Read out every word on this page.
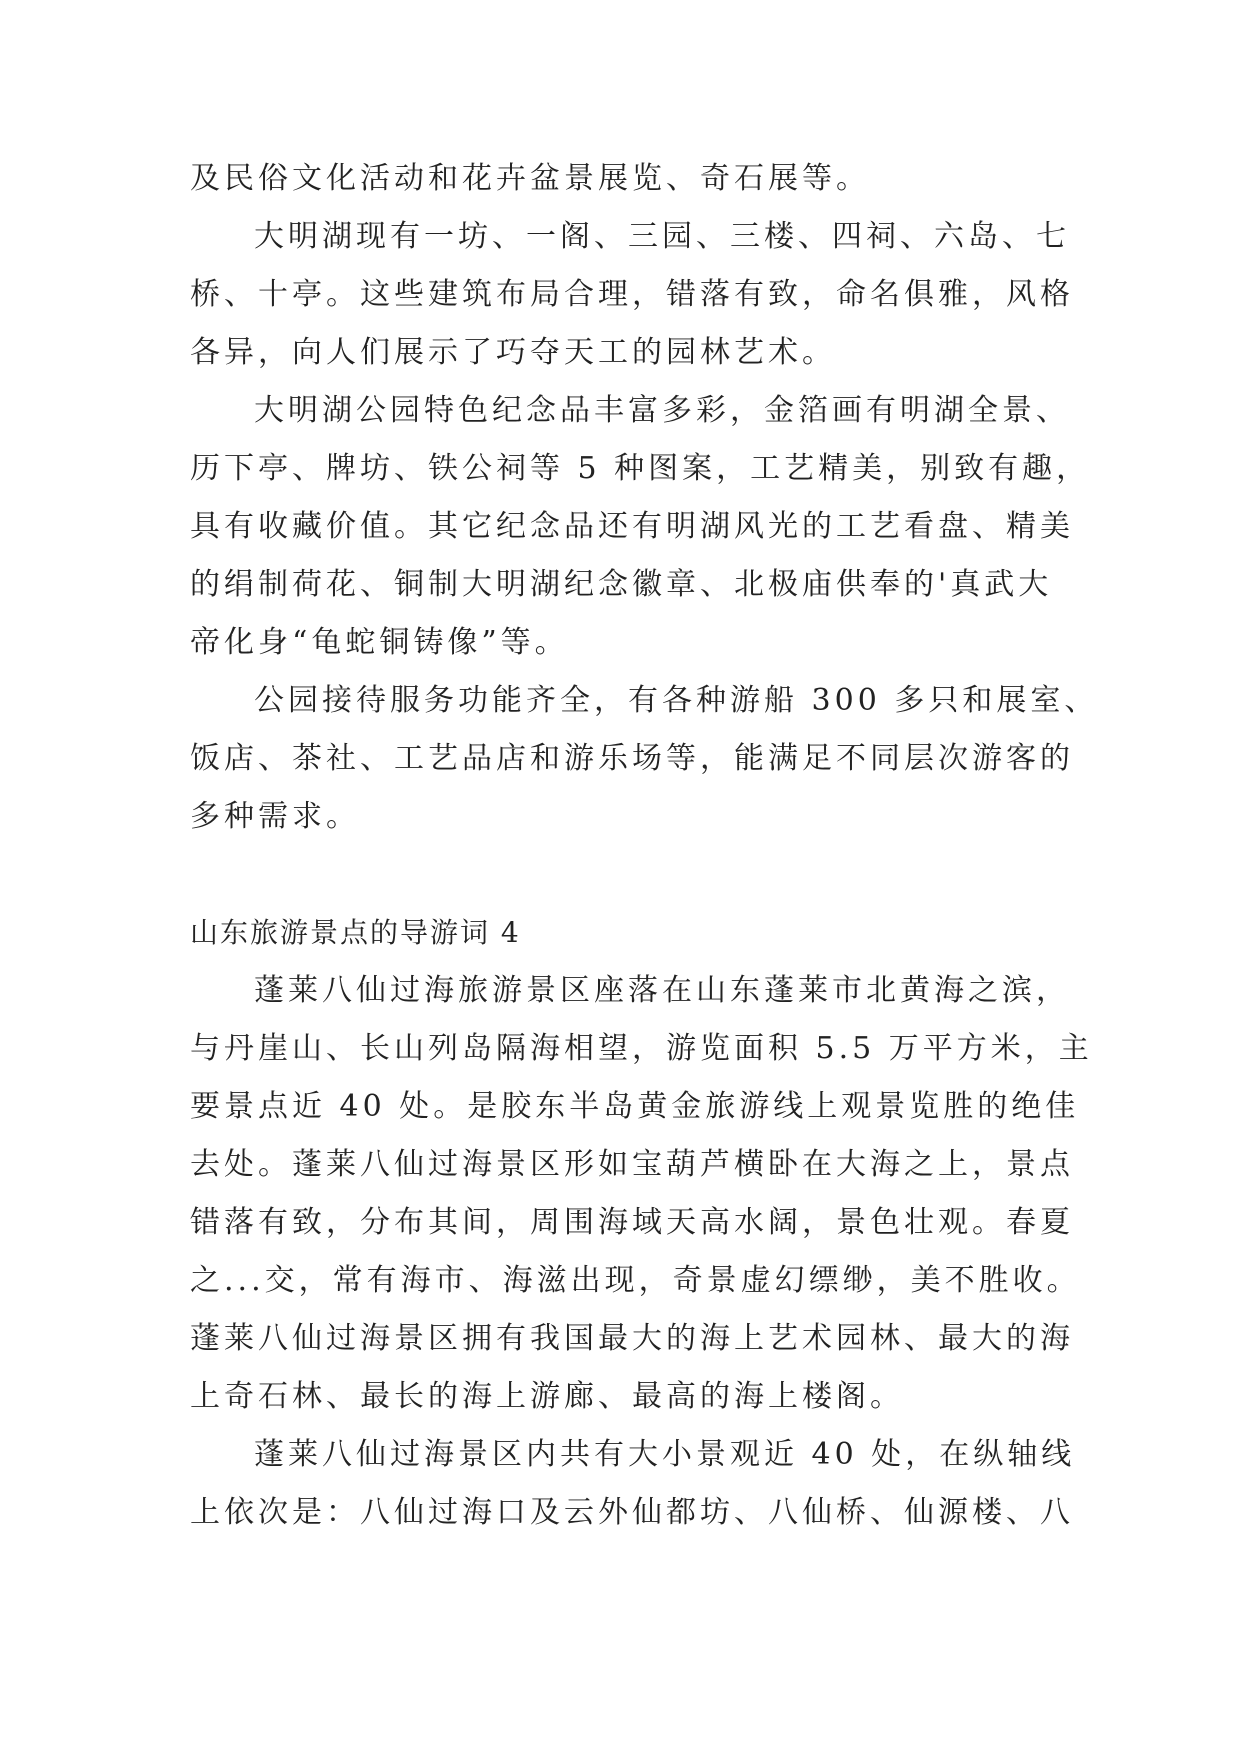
及民俗文化活动和花卉盆景展览、奇石展等。
大明湖现有一坊、一阁、三园、三楼、四祠、六岛、七
桥、十亭。这些建筑布局合理，错落有致，命名俱雅，风格
各异，向人们展示了巧夺天工的园林艺术。
大明湖公园特色纪念品丰富多彩，金箔画有明湖全景、
历下亭、牌坊、铁公祠等 5 种图案，工艺精美，别致有趣，
具有收藏价值。其它纪念品还有明湖风光的工艺看盘、精美
的绢制荷花、铜制大明湖纪念徽章、北极庙供奉的'真武大
帝化身“龟蛇铜铸像”等。
公园接待服务功能齐全，有各种游船 300 多只和展室、
饭店、茶社、工艺品店和游乐场等，能满足不同层次游客的
多种需求。
山东旅游景点的导游词 4
蓬莱八仙过海旅游景区座落在山东蓬莱市北黄海之滨，
与丹崖山、长山列岛隔海相望，游览面积 5.5 万平方米，主
要景点近 40 处。是胶东半岛黄金旅游线上观景览胜的绝佳
去处。蓬莱八仙过海景区形如宝葫芦横卧在大海之上，景点
错落有致，分布其间，周围海域天高水阔，景色壮观。春夏
之...交，常有海市、海滋出现，奇景虚幻缥缈，美不胜收。
蓬莱八仙过海景区拥有我国最大的海上艺术园林、最大的海
上奇石林、最长的海上游廊、最高的海上楼阁。
蓬莱八仙过海景区内共有大小景观近 40 处，在纵轴线
上依次是：八仙过海口及云外仙都坊、八仙桥、仙源楼、八
